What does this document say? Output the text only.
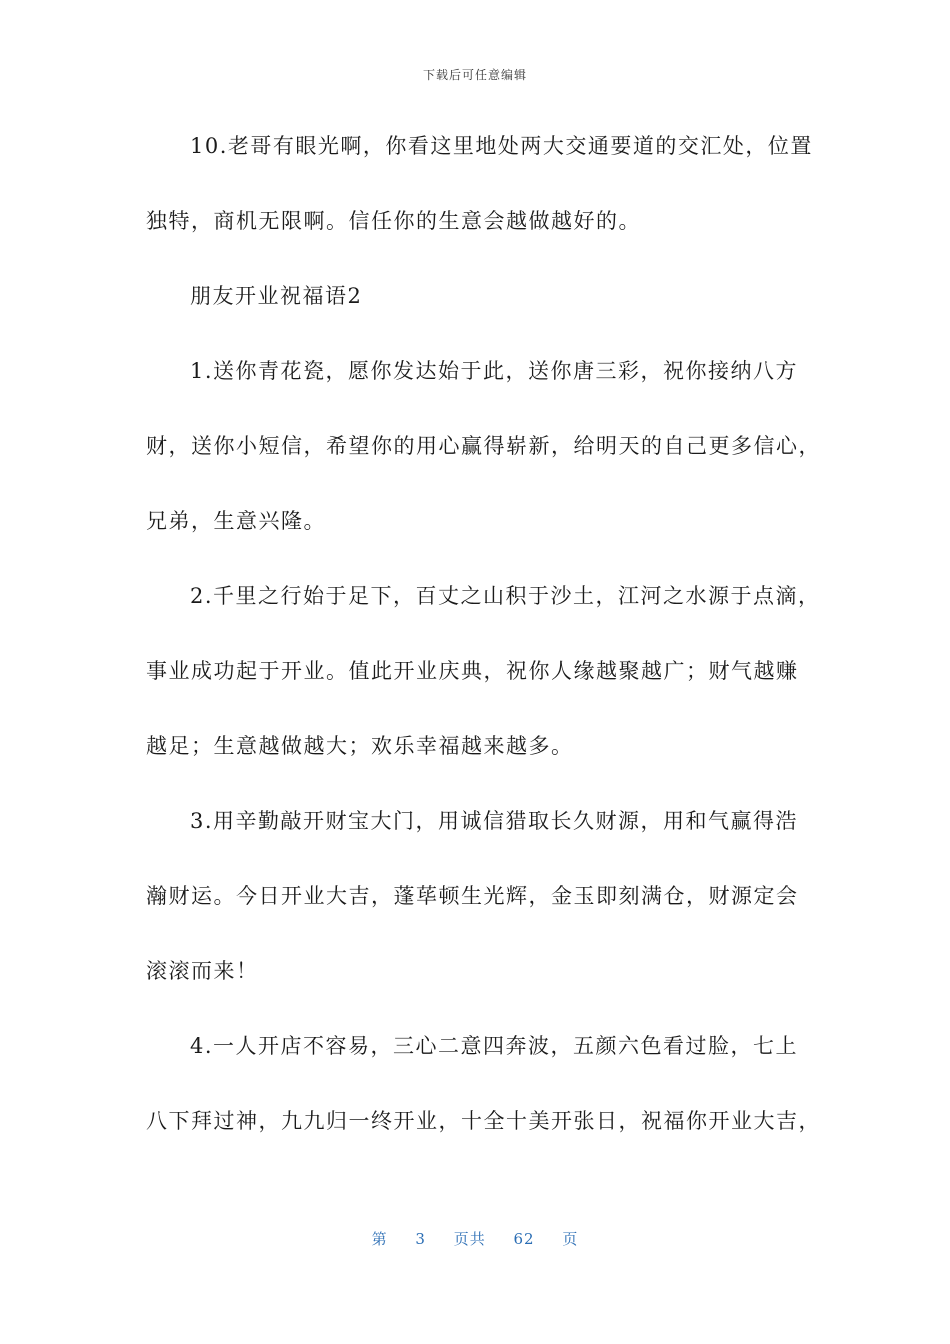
下载后可任意编辑
10.老哥有眼光啊，你看这里地处两大交通要道的交汇处，位置
独特，商机无限啊。信任你的生意会越做越好的。
朋友开业祝福语2
1.送你青花瓷，愿你发达始于此，送你唐三彩，祝你接纳八方
财，送你小短信，希望你的用心赢得崭新，给明天的自己更多信心，
兄弟，生意兴隆。
2.千里之行始于足下，百丈之山积于沙土，江河之水源于点滴，
事业成功起于开业。值此开业庆典，祝你人缘越聚越广；财气越赚
越足；生意越做越大；欢乐幸福越来越多。
3.用辛勤敲开财宝大门，用诚信猎取长久财源，用和气赢得浩
瀚财运。今日开业大吉，蓬荜顿生光辉，金玉即刻满仓，财源定会
滚滚而来！
4.一人开店不容易，三心二意四奔波，五颜六色看过脸，七上
八下拜过神，九九归一终开业，十全十美开张日，祝福你开业大吉，
第 3 页共 62 页
